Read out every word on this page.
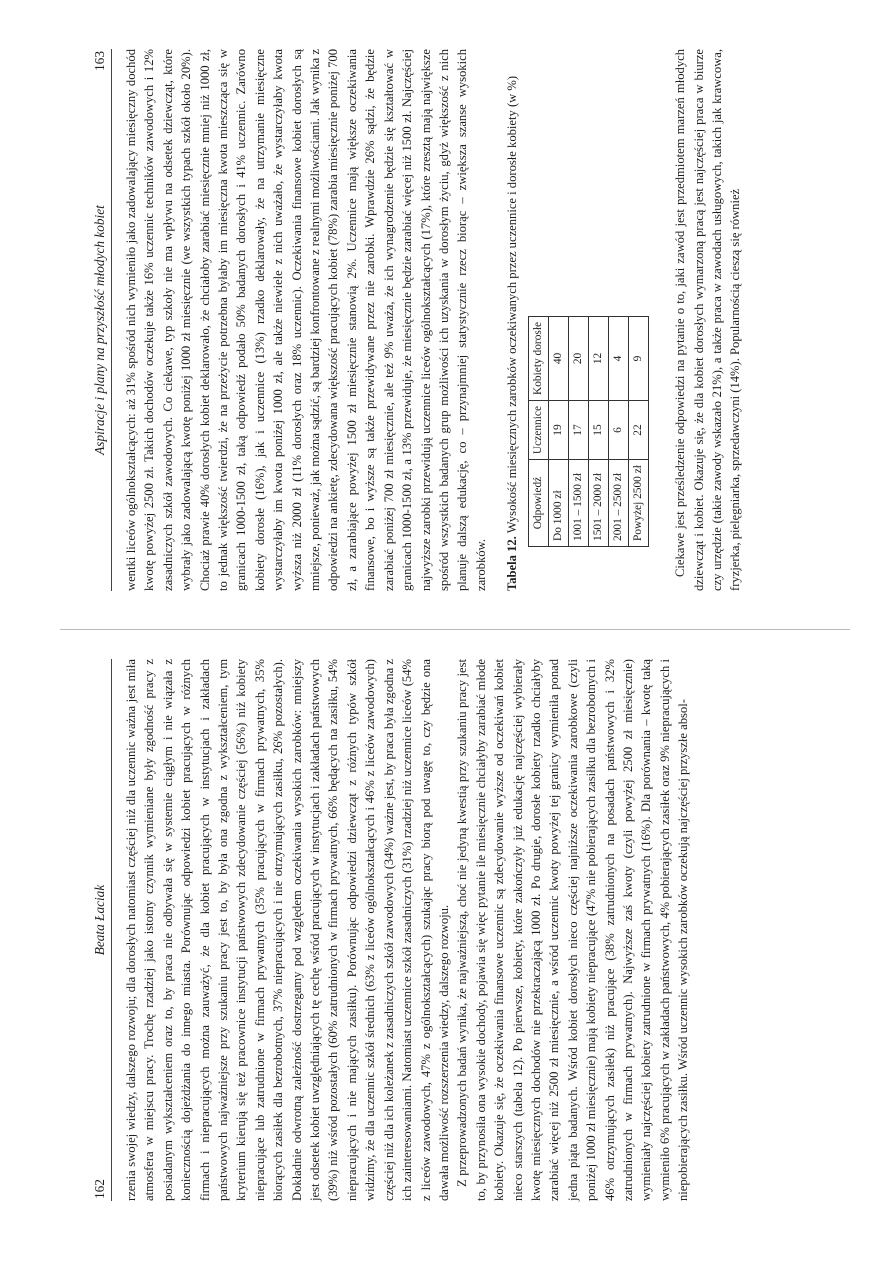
162
Beata Łaciak rzenia swojej wiedzy, dalszego rozwoju; dla dorosłych natomiast częściej niż dla uczennic ważna jest miła atmosfera w miejscu pracy. Trochę rzadziej jako istotny czynnik wymieniane były zgodność pracy z posiadanym wykształceniem oraz to, by praca nie odbywała się w systemie ciągłym i nie wiązała z koniecznością dojeżdżania do innego miasta. Porównując odpowiedzi kobiet pracujących w różnych firmach i niepracujących można zauważyć, że dla kobiet pracujących w instytucjach i zakładach państwowych najważniejsze przy szukaniu pracy jest to, by była ona zgodna z wykształceniem, tym kryterium kierują się też pracownice instytucji państwowych zdecydowanie częściej (56%) niż kobiety niepracujące lub zatrudnione w firmach prywatnych (35% pracujących w firmach prywatnych, 35% biorących zasiłek dla bezrobotnych, 37% niepracujących i nie otrzymujących zasiłku, 26% pozostałych). Dokładnie odwrotną zależność dostrzegamy pod względem oczekiwania wysokich zarobków: mniejszy jest odsetek kobiet uwzględniających tę cechę wśród pracujących w instytucjach i zakładach państwowych (39%) niż wśród pozostałych (60% zatrudnionych w firmach prywatnych, 66% będących na zasiłku, 54% niepracujących i nie mających zasiłku). Porównując odpowiedzi dziewcząt z różnych typów szkół widzimy, że dla uczennic szkół średnich (63% z liceów ogólnokształcących i 46% z liceów zawodowych) częściej niż dla ich koleżanek z zasadniczych szkół zawodowych (34%) ważne jest, by praca była zgodna z ich zainteresowaniami. Natomiast uczennice szkół zasadniczych (31%) rzadziej niż uczennice liceów (54% z liceów zawodowych, 47% z ogólnokształcących) szukając pracy biorą pod uwagę to, czy będzie ona dawała możliwość rozszerzenia wiedzy, dalszego rozwoju. Z przeprowadzonych badań wynika, że najważniejszą, choć nie jedyną kwestią przy szukaniu pracy jest to, by przynosiła ona wysokie dochody, pojawia się więc pytanie ile miesięcznie chciałyby zarabiać młode kobiety. Okazuje się, że oczekiwania finansowe uczennic są zdecydowanie wyższe od oczekiwań kobiet nieco starszych (tabela 12). Po pierwsze, kobiety, które zakończyły już edukację najczęściej wybierały kwotę miesięcznych dochodów nie przekraczającą 1000 zł. Po drugie, dorosłe kobiety rzadko chciałyby zarabiać więcej niż 2500 zł miesięcznie, a wśród uczennic kwoty powyżej tej granicy wymieniła ponad jedna piąta badanych. Wśród kobiet dorosłych nieco częściej najniższe oczekiwania zarobkowe (czyli poniżej 1000 zł miesięcznie) mają kobiety niepracujące (47% nie pobierających zasiłku dla bezrobotnych i 46% otrzymujących zasiłek) niż pracujące (38% zatrudnionych na posadach państwowych i 32% zatrudnionych w firmach prywatnych). Najwyższe zaś kwoty (czyli powyżej 2500 zł miesięcznie) wymieniały najczęściej kobiety zatrudnione w firmach prywatnych (16%). Dla porównania – kwotę taką wymieniło 6% pracujących w zakładach państwowych, 4% pobierających zasiłek oraz 9% niepracujących i niepobierających zasiłku. Wśród uczennic wysokich zarobków oczekują najczęściej przyszłe absol-

Aspiracje i plany na przyszłość młodych kobiet
163 wentki liceów ogólnokształcących: aż 31% spośród nich wymieniło jako zadowalający miesięczny dochód kwotę powyżej 2500 zł. Takich dochodów oczekuje także 16% uczennic techników zawodowych i 12% zasadniczych szkół zawodowych. Co ciekawe, typ szkoły nie ma wpływu na odsetek dziewcząt, które wybrały jako zadowalającą kwotę poniżej 1000 zł miesięcznie (we wszystkich typach szkół około 20%). Chociaż prawie 40% dorosłych kobiet deklarowało, że chciałoby zarabiać miesięcznie mniej niż 1000 zł, to jednak większość twierdzi, że na przeżycie potrzebna byłaby im miesięczna kwota mieszcząca się w granicach 1000-1500 zł, taką odpowiedź podało 50% badanych dorosłych i 41% uczennic. Zarówno kobiety dorosłe (16%), jak i uczennice (13%) rzadko deklarowały, że na utrzymanie miesięczne wystarczyłaby im kwota poniżej 1000 zł, ale także niewiele z nich uważało, że wystarczyłaby kwota wyższa niż 2000 zł (11% dorosłych oraz 18% uczennic). Oczekiwania finansowe kobiet dorosłych są mniejsze, ponieważ, jak można sądzić, są bardziej konfrontowane z realnymi możliwościami. Jak wynika z odpowiedzi na ankietę, zdecydowana większość pracujących kobiet (78%) zarabia miesięcznie poniżej 700 zł, a zarabiające powyżej 1500 zł miesięcznie stanowią 2%. Uczennice mają większe oczekiwania finansowe, bo i wyższe są także przewidywane przez nie zarobki. Wprawdzie 26% sądzi, że będzie zarabiać poniżej 700 zł miesięcznie, ale też 9% uważa, że ich wynagrodzenie będzie się kształtować w granicach 1000-1500 zł, a 13% przewiduje, że miesięcznie będzie zarabiać więcej niż 1500 zł. Najczęściej najwyższe zarobki przewidują uczennice liceów ogólnokształcących (17%), które zresztą mają największe spośród wszystkich badanych grup możliwości ich uzyskania w dorosłym życiu, gdyż większość z nich planuje dalszą edukację, co – przynajmniej statystycznie rzecz biorąc – zwiększa szanse wysokich zarobków. Tabela 12. Wysokość miesięcznych zarobków oczekiwanych przez uczennice i dorosłe kobiety (w %) Odpowiedź	Uczennice	Kobiety dorosłe
Do 1000 zł	19	40
1001 – 1500 zł	17	20
1501 – 2000 zł	15	12
2001 – 2500 zł	6	4
Powyżej 2500 zł	22	9 Ciekawe jest prześledzenie odpowiedzi na pytanie o to, jaki zawód jest przedmiotem marzeń młodych dziewcząt i kobiet. Okazuje się, że dla kobiet dorosłych wymarzoną pracą jest najczęściej praca w biurze czy urzędzie (takie zawody wskazało 21%), a także praca w zawodach usługowych, takich jak krawcowa, fryzjerka, pielęgniarka, sprzedawczyni (14%). Popularnością cieszą się również
